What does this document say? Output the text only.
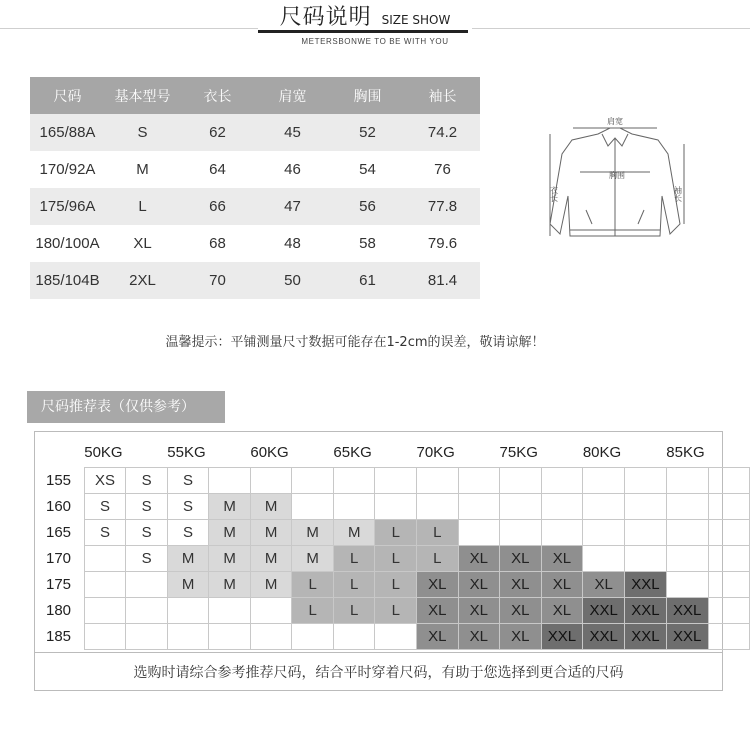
尺码说明 SIZE SHOW
METERSBONWE TO BE WITH YOU
尺码	基本型号	衣长	肩宽	胸围	袖长
165/88A	S	62	45	52	74.2
170/92A	M	64	46	54	76
175/96A	L	66	47	56	77.8
180/100A	XL	68	48	58	79.6
185/104B	2XL	70	50	61	81.4
肩宽
胸围
衣长	袖长
温馨提示：平铺测量尺寸数据可能存在1-2cm的误差，敬请谅解！
尺码推荐表（仅供参考）
	50KG		55KG		60KG		65KG		70KG		75KG		80KG		85KG	
155	XS	S	S													
160	S	S	S	M	M											
165	S	S	S	M	M	M	M	L	L							
170		S	M	M	M	M	L	L	L	XL	XL	XL				
175			M	M	M	L	L	L	XL	XL	XL	XL	XL	XXL		
180						L	L	L	XL	XL	XL	XL	XXL	XXL	XXL	
185									XL	XL	XL	XXL	XXL	XXL	XXL	
选购时请综合参考推荐尺码，结合平时穿着尺码，有助于您选择到更合适的尺码
